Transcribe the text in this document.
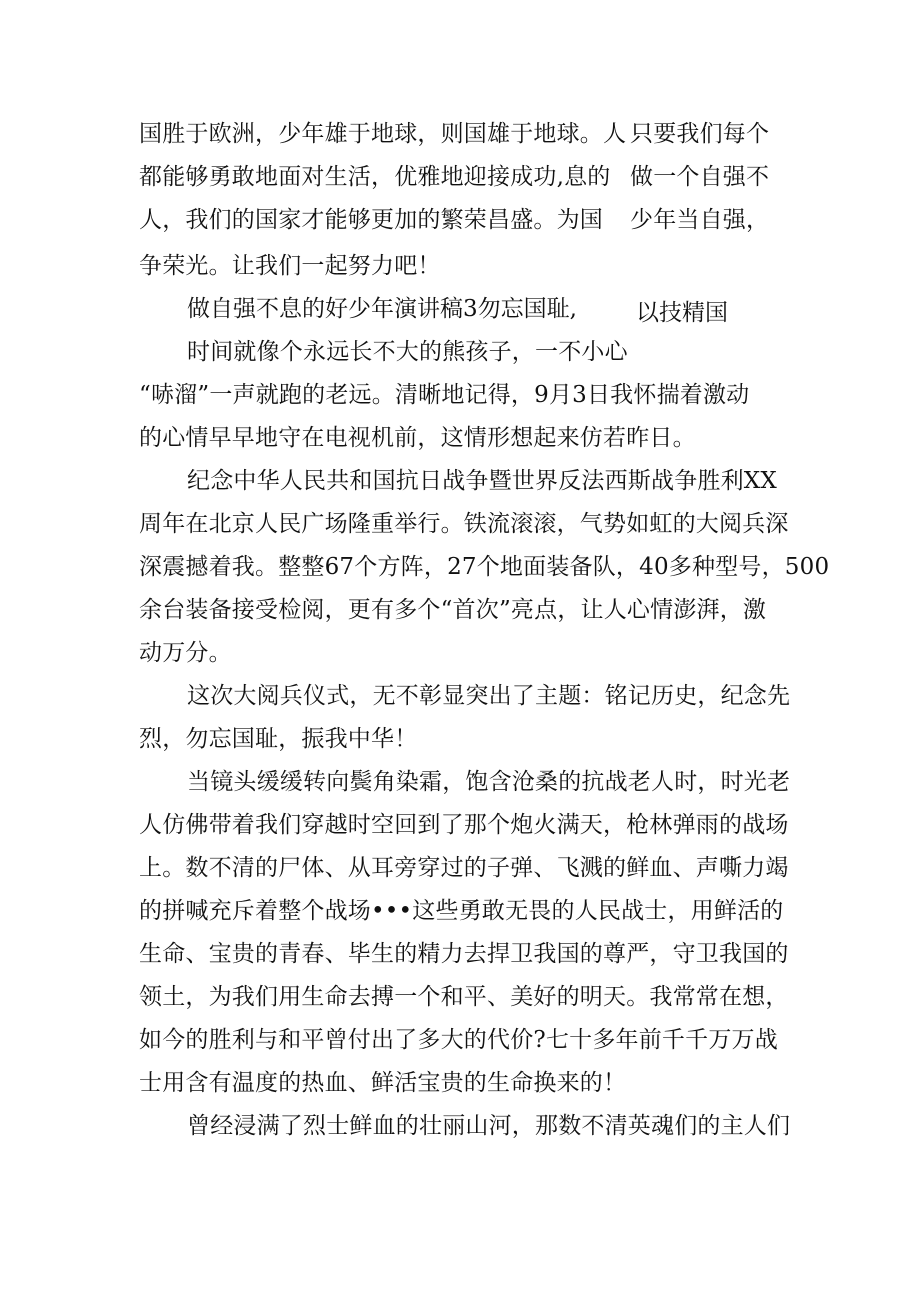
国胜于欧洲，少年雄于地球，则国雄于地球。人
都能够勇敢地面对生活，优雅地迎接成功,息的
人，我们的国家才能够更加的繁荣昌盛。为国
争荣光。让我们一起努力吧！
只要我们每个
做一个自强不
少年当自强，
做自强不息的好少年演讲稿3勿忘国耻,	以技精国
时间就像个永远长不大的熊孩子，一不小心
“哧溜”一声就跑的老远。清晰地记得，9月3日我怀揣着激动
的心情早早地守在电视机前，这情形想起来仿若昨日。
纪念中华人民共和国抗日战争暨世界反法西斯战争胜利XX
周年在北京人民广场隆重举行。铁流滚滚，气势如虹的大阅兵深
深震撼着我。整整67个方阵，27个地面装备队，40多种型号，500
余台装备接受检阅，更有多个“首次”亮点，让人心情澎湃，激
动万分。
这次大阅兵仪式，无不彰显突出了主题：铭记历史，纪念先
烈，勿忘国耻，振我中华！
当镜头缓缓转向鬓角染霜，饱含沧桑的抗战老人时，时光老
人仿佛带着我们穿越时空回到了那个炮火满天，枪林弹雨的战场
上。数不清的尸体、从耳旁穿过的子弹、飞溅的鲜血、声嘶力竭
的拼喊充斥着整个战场•••这些勇敢无畏的人民战士，用鲜活的
生命、宝贵的青春、毕生的精力去捍卫我国的尊严，守卫我国的
领土，为我们用生命去搏一个和平、美好的明天。我常常在想，
如今的胜利与和平曾付出了多大的代价?七十多年前千千万万战
士用含有温度的热血、鲜活宝贵的生命换来的！
曾经浸满了烈士鲜血的壮丽山河，那数不清英魂们的主人们
